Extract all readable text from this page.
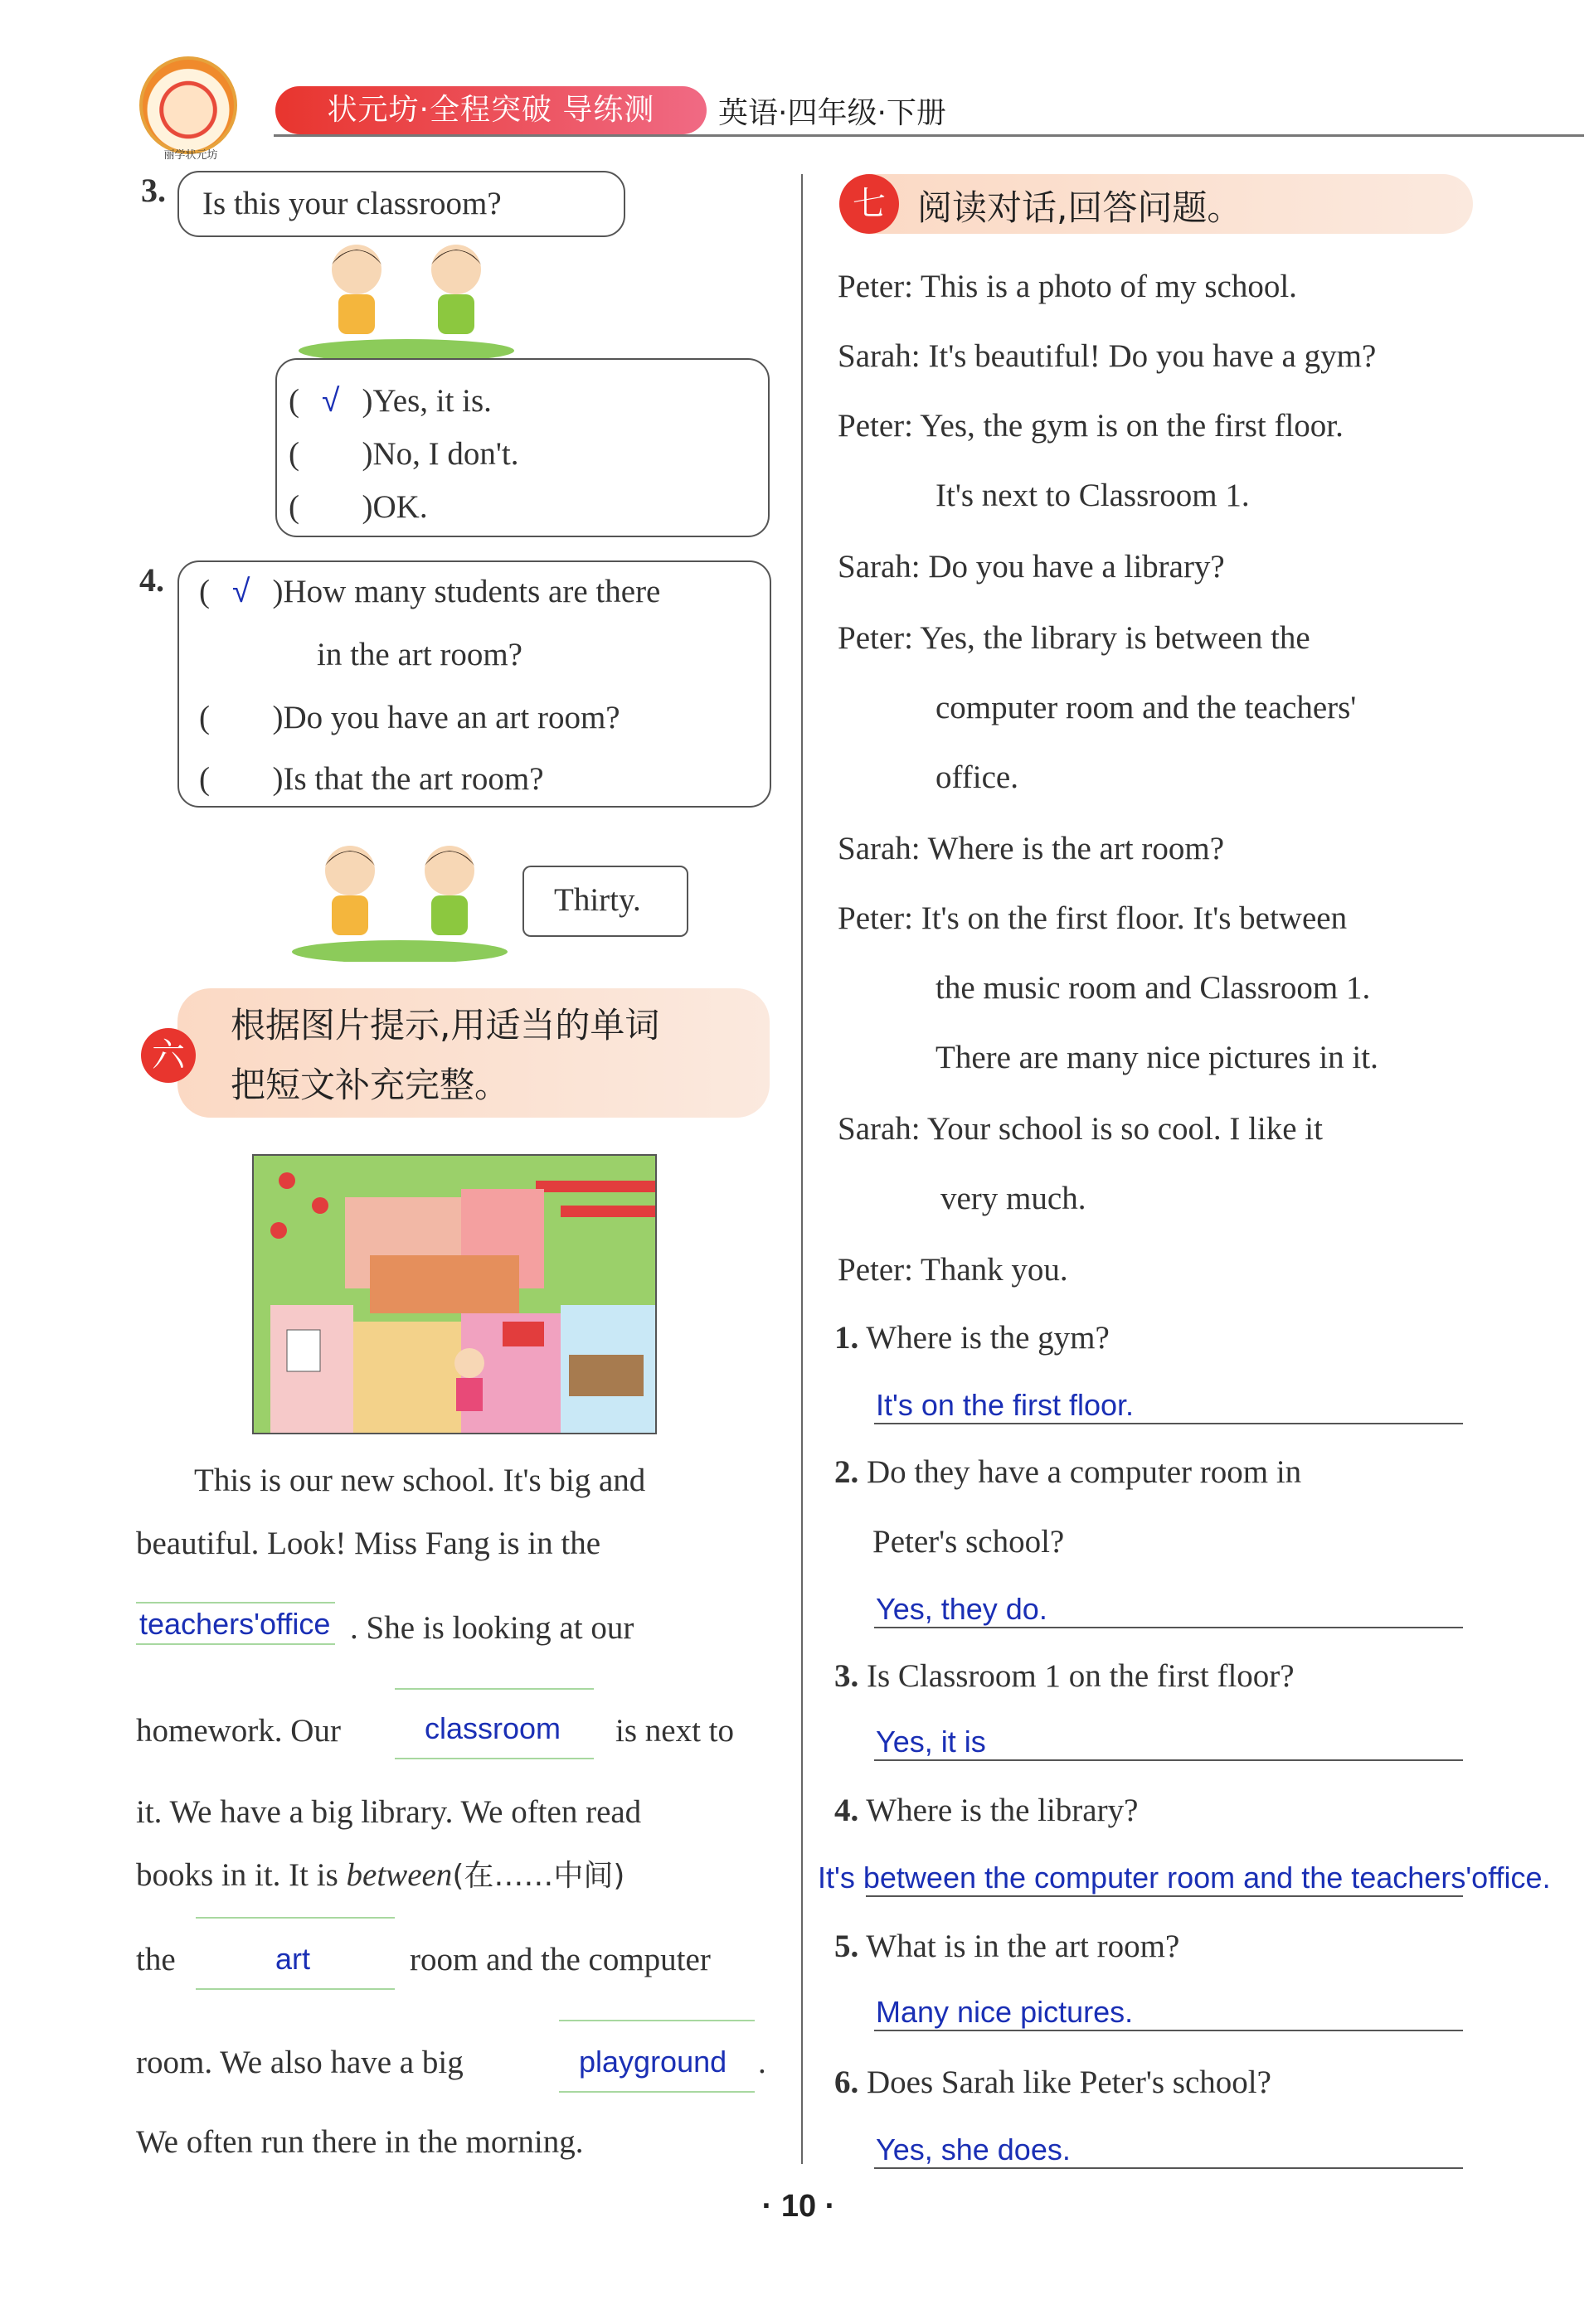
丽学状元坊
状元坊·全程突破 导练测	英语·四年级·下册
3. Is this your classroom?
( √ )Yes, it is.
(  )No, I don't.
(  )OK.
4. ( √ )How many students are there
in the art room?
(  )Do you have an art room?
(  )Is that the art room?
Thirty.
六
根据图片提示,用适当的单词
把短文补充完整。
This is our new school. It's big and
beautiful. Look! Miss Fang is in the
teachers'office . She is looking at our
homework. Our	classroom is next to
it. We have a big library. We often read
books in it. It is between(在……中间)
the	art	room and the computer
room. We also have a big	playground .
We often run there in the morning.
七 阅读对话,回答问题。
Peter: This is a photo of my school.
Sarah: It's beautiful! Do you have a gym?
Peter: Yes, the gym is on the first floor.
It's next to Classroom 1.
Sarah: Do you have a library?
Peter: Yes, the library is between the
computer room and the teachers'
office.
Sarah: Where is the art room?
Peter: It's on the first floor. It's between
the music room and Classroom 1.
There are many nice pictures in it.
Sarah: Your school is so cool. I like it
very much.
Peter: Thank you.
1. Where is the gym?
It's on the first floor.
2. Do they have a computer room in
Peter's school?
Yes, they do.
3. Is Classroom 1 on the first floor?
Yes, it is
4. Where is the library?
It's between the computer room and the teachers'office.
5. What is in the art room?
Many nice pictures.
6. Does Sarah like Peter's school?
Yes, she does.
· 10 ·
